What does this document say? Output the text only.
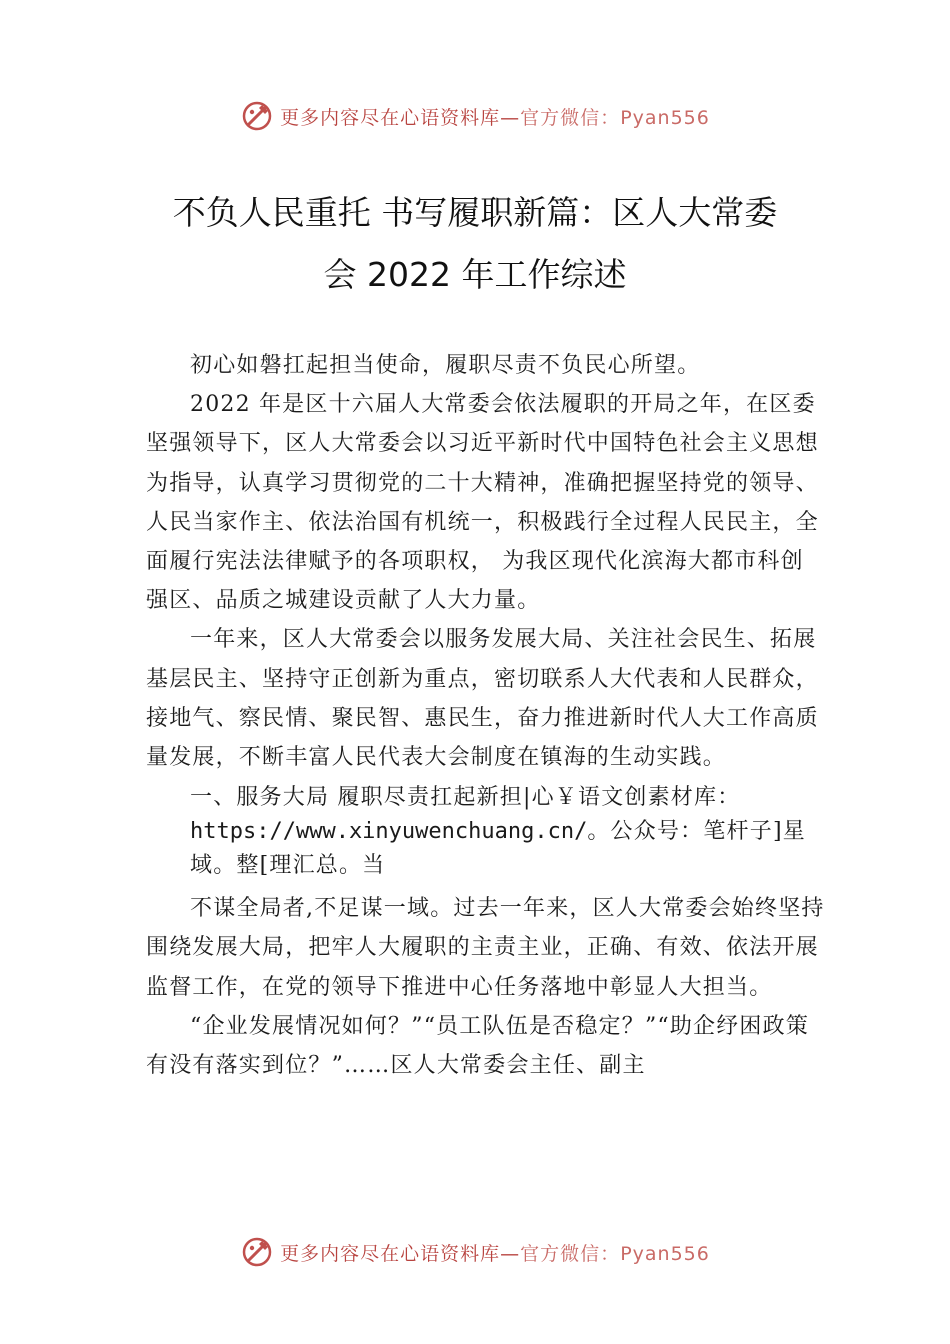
更多内容尽在心语资料库—官方微信：Pyan556
不负人民重托 书写履职新篇：区人大常委
会 2022 年工作综述

初心如磐扛起担当使命，履职尽责不负民心所望。

2022 年是区十六届人大常委会依法履职的开局之年，在区委坚强领导下，区人大常委会以习近平新时代中国特色社会主义思想为指导，认真学习贯彻党的二十大精神，准确把握坚持党的领导、人民当家作主、依法治国有机统一，积极践行全过程人民民主，全面履行宪法法律赋予的各项职权， 为我区现代化滨海大都市科创强区、品质之城建设贡献了人大力量。

一年来，区人大常委会以服务发展大局、关注社会民生、拓展基层民主、坚持守正创新为重点，密切联系人大代表和人民群众，接地气、察民情、聚民智、惠民生，奋力推进新时代人大工作高质量发展，不断丰富人民代表大会制度在镇海的生动实践。

一、服务大局 履职尽责扛起新担|心￥语文创素材库：https://www.xinyuwenchuang.cn/。公众号：笔杆子]星域。整[理汇总。当

不谋全局者,不足谋一域。过去一年来，区人大常委会始终坚持围绕发展大局，把牢人大履职的主责主业，正确、有效、依法开展监督工作，在党的领导下推进中心任务落地中彰显人大担当。

“企业发展情况如何？”“员工队伍是否稳定？”“助企纾困政策有没有落实到位？”……区人大常委会主任、副主

更多内容尽在心语资料库—官方微信：Pyan556
